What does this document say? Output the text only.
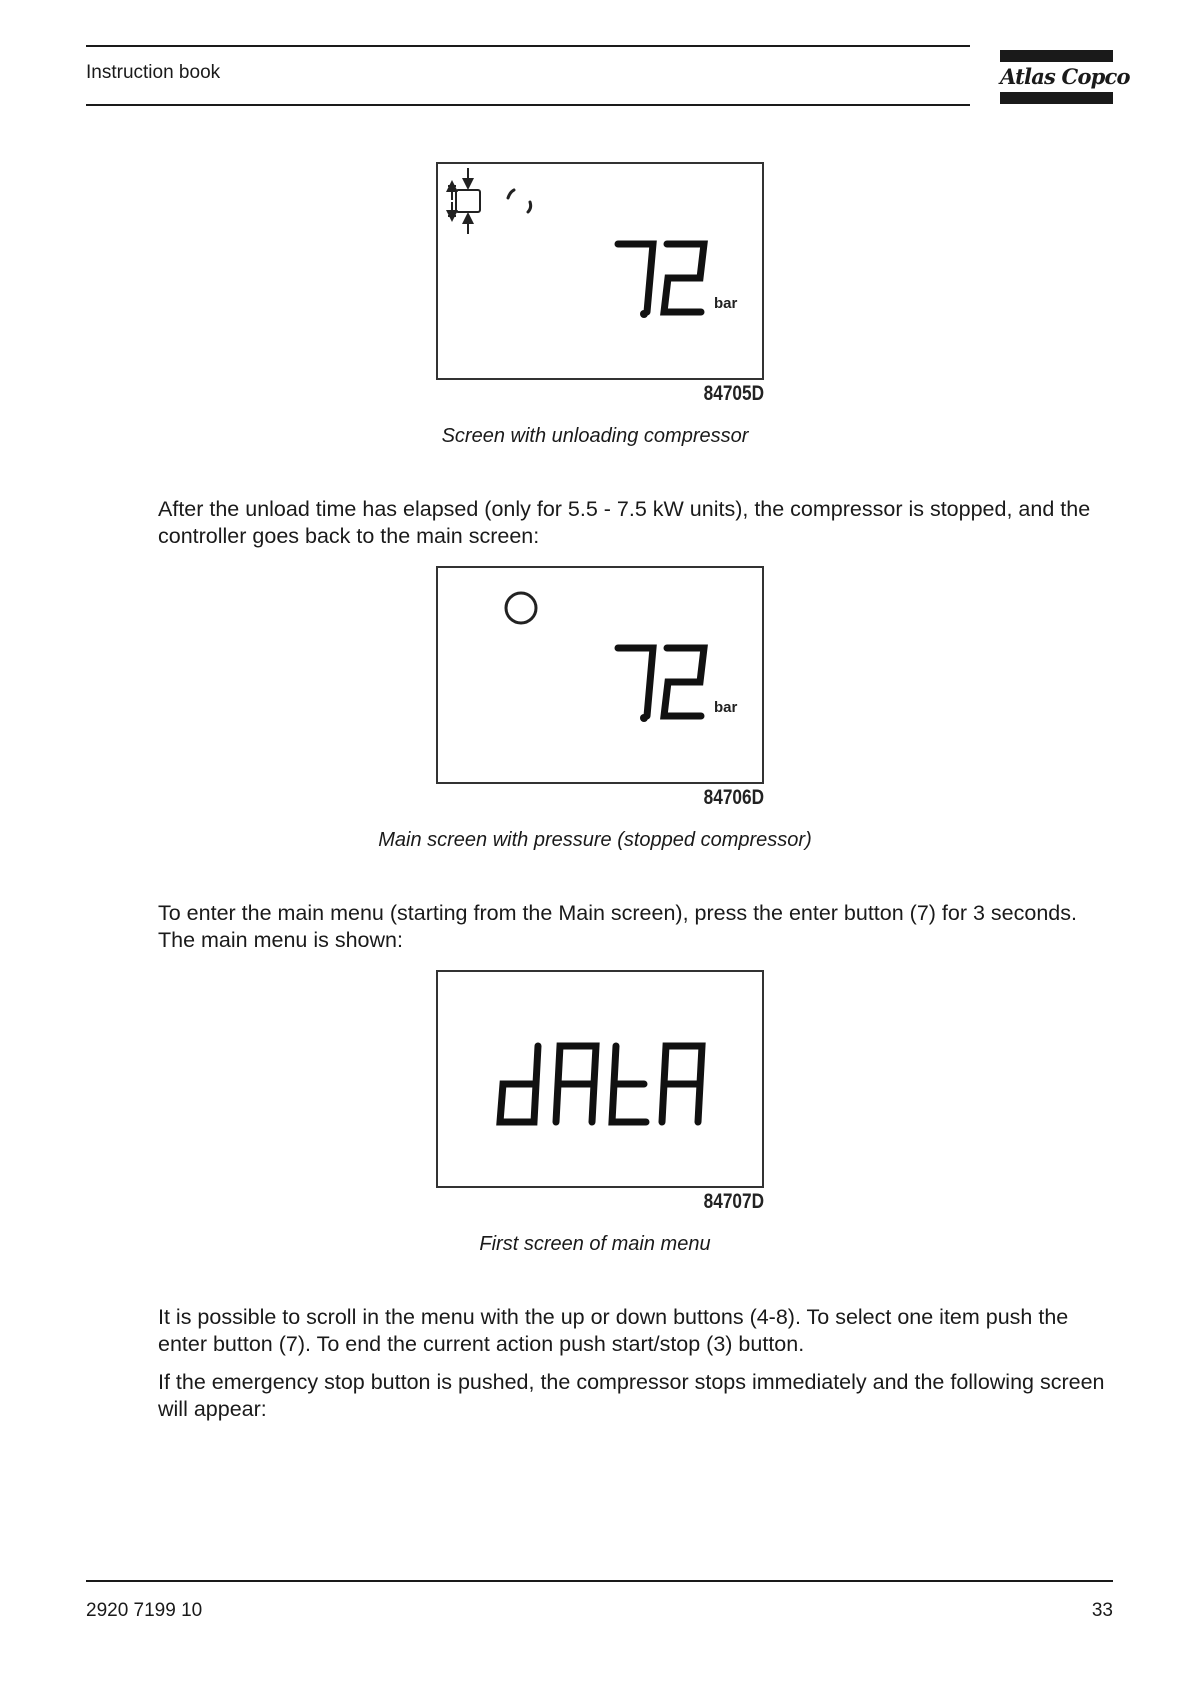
Instruction book	Atlas Copco
bar
84705D
Screen with unloading compressor
After the unload time has elapsed (only for 5.5 - 7.5 kW units), the compressor is stopped, and the controller goes back to the main screen:
bar
84706D
Main screen with pressure (stopped compressor)
To enter the main menu (starting from the Main screen), press the enter button (7) for 3 seconds. The main menu is shown:
84707D
First screen of main menu
It is possible to scroll in the menu with the up or down buttons (4-8). To select one item push the enter button (7). To end the current action push start/stop (3) button.
If the emergency stop button is pushed, the compressor stops immediately and the following screen will appear:
2920 7199 10	33
